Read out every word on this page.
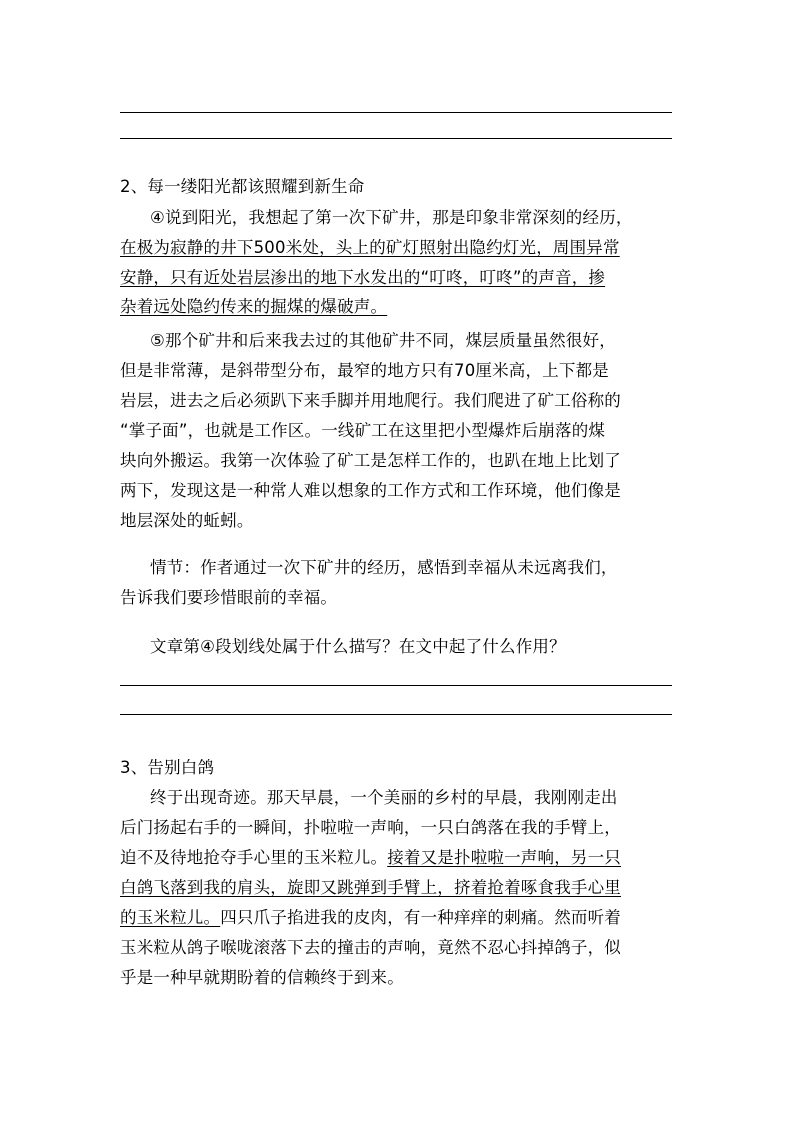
2、每一缕阳光都该照耀到新生命
④说到阳光，我想起了第一次下矿井，那是印象非常深刻的经历，
在极为寂静的井下500米处，头上的矿灯照射出隐约灯光，周围异常
安静，只有近处岩层渗出的地下水发出的“叮咚，叮咚”的声音，掺
杂着远处隐约传来的掘煤的爆破声。
⑤那个矿井和后来我去过的其他矿井不同，煤层质量虽然很好，
但是非常薄，是斜带型分布，最窄的地方只有70厘米高，上下都是
岩层，进去之后必须趴下来手脚并用地爬行。我们爬进了矿工俗称的
“掌子面”，也就是工作区。一线矿工在这里把小型爆炸后崩落的煤
块向外搬运。我第一次体验了矿工是怎样工作的，也趴在地上比划了
两下，发现这是一种常人难以想象的工作方式和工作环境，他们像是
地层深处的蚯蚓。
情节：作者通过一次下矿井的经历，感悟到幸福从未远离我们，
告诉我们要珍惜眼前的幸福。
文章第④段划线处属于什么描写？在文中起了什么作用？
3、告别白鸽
终于出现奇迹。那天早晨，一个美丽的乡村的早晨，我刚刚走出
后门扬起右手的一瞬间，扑啦啦一声响，一只白鸽落在我的手臂上，
迫不及待地抢夺手心里的玉米粒儿。接着又是扑啦啦一声响，另一只
白鸽飞落到我的肩头，旋即又跳弹到手臂上，挤着抢着啄食我手心里
的玉米粒儿。四只爪子掐进我的皮肉，有一种痒痒的刺痛。然而听着
玉米粒从鸽子喉咙滚落下去的撞击的声响，竟然不忍心抖掉鸽子，似
乎是一种早就期盼着的信赖终于到来。
